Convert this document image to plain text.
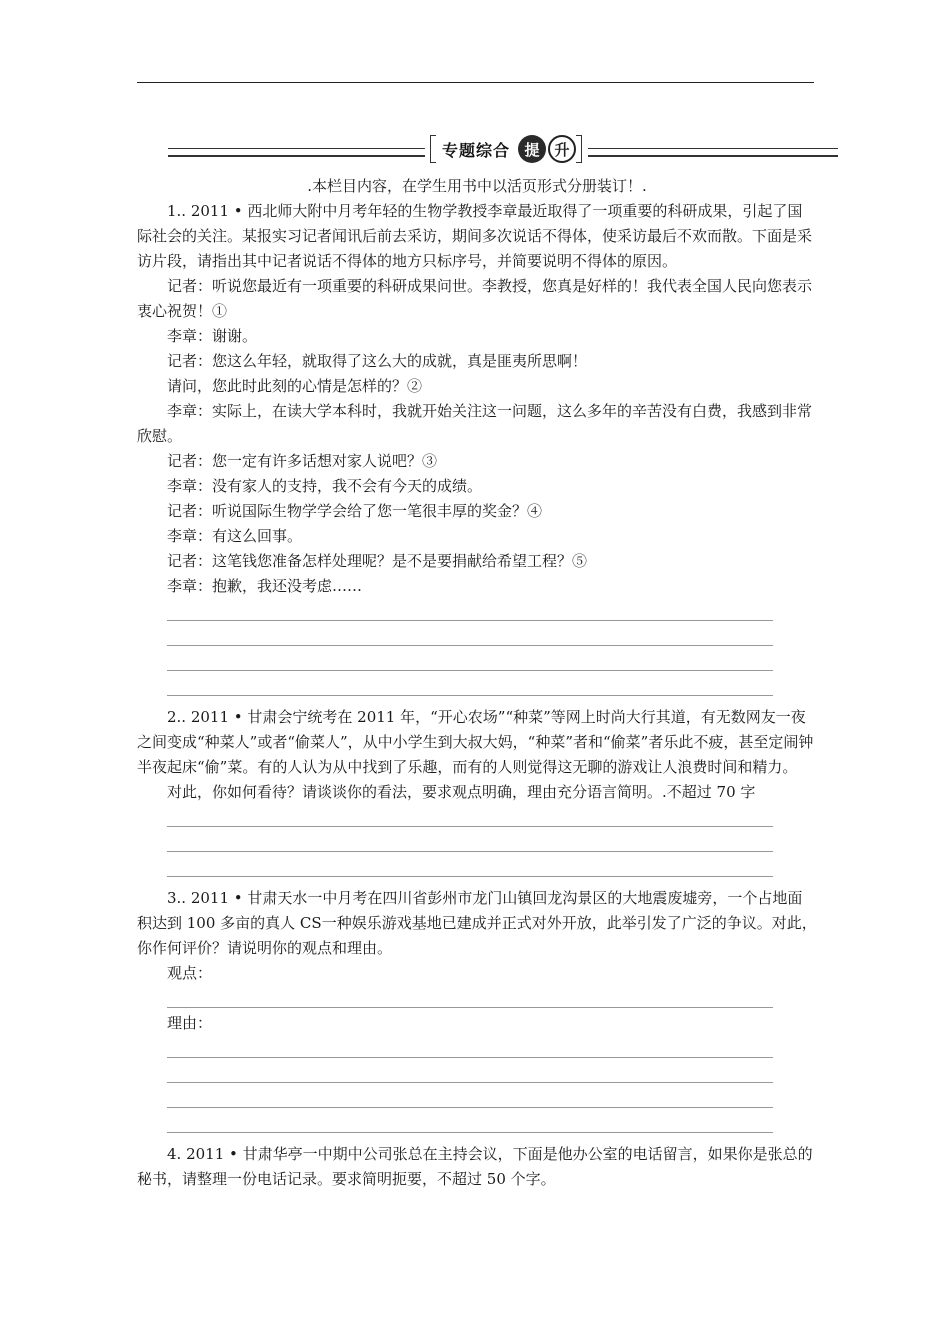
专题综合 提 升

.本栏目内容，在学生用书中以活页形式分册装订！.

1.. 2011 • 西北师大附中月考年轻的生物学教授李章最近取得了一项重要的科研成果，引起了国际社会的关注。某报实习记者闻讯后前去采访，期间多次说话不得体，使采访最后不欢而散。下面是采访片段，请指出其中记者说话不得体的地方只标序号，并简要说明不得体的原因。

记者：听说您最近有一项重要的科研成果问世。李教授，您真是好样的！我代表全国人民向您表示衷心祝贺！①

李章：谢谢。

记者：您这么年轻，就取得了这么大的成就，真是匪夷所思啊！

请问，您此时此刻的心情是怎样的？②

李章：实际上，在读大学本科时，我就开始关注这一问题，这么多年的辛苦没有白费，我感到非常欣慰。

记者：您一定有许多话想对家人说吧？③

李章：没有家人的支持，我不会有今天的成绩。

记者：听说国际生物学学会给了您一笔很丰厚的奖金？④

李章：有这么回事。

记者：这笔钱您准备怎样处理呢？是不是要捐献给希望工程？⑤

李章：抱歉，我还没考虑……

2.. 2011 • 甘肃会宁统考在 2011 年，“开心农场”“种菜”等网上时尚大行其道，有无数网友一夜之间变成“种菜人”或者“偷菜人”，从中小学生到大叔大妈，“种菜”者和“偷菜”者乐此不疲，甚至定闹钟半夜起床“偷”菜。有的人认为从中找到了乐趣，而有的人则觉得这无聊的游戏让人浪费时间和精力。

对此，你如何看待？请谈谈你的看法，要求观点明确，理由充分语言简明。.不超过 70 字

3.. 2011 • 甘肃天水一中月考在四川省彭州市龙门山镇回龙沟景区的大地震废墟旁，一个占地面积达到 100 多亩的真人 CS一种娱乐游戏基地已建成并正式对外开放，此举引发了广泛的争议。对此，你作何评价？请说明你的观点和理由。

观点：

理由：

4. 2011 • 甘肃华亭一中期中公司张总在主持会议，下面是他办公室的电话留言，如果你是张总的秘书，请整理一份电话记录。要求简明扼要，不超过 50 个字。
